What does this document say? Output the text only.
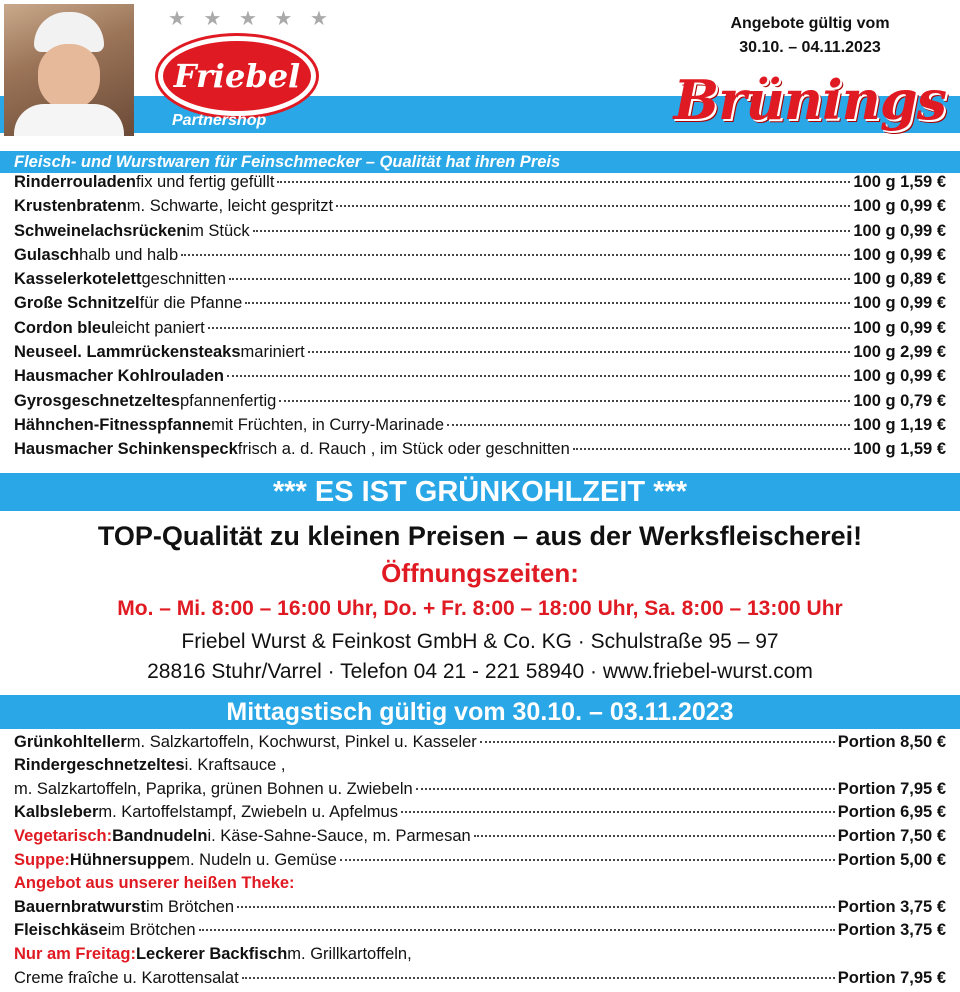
★ ★ ★ ★ ★
Friebel
Partnershop
Angebote gültig vom
30.10. – 04.11.2023
Brünings
Fleisch- und Wurstwaren für Feinschmecker – Qualität hat ihren Preis
Rinderrouladen fix und fertig gefüllt	100 g 1,59 €
Krustenbraten m. Schwarte, leicht gespritzt	100 g 0,99 €
Schweinelachsrücken im Stück	100 g 0,99 €
Gulasch halb und halb	100 g 0,99 €
Kasselerkotelett geschnitten	100 g 0,89 €
Große Schnitzel für die Pfanne	100 g 0,99 €
Cordon bleu leicht paniert	100 g 0,99 €
Neuseel. Lammrückensteaks mariniert	100 g 2,99 €
Hausmacher Kohlrouladen	100 g 0,99 €
Gyrosgeschnetzeltes pfannenfertig	100 g 0,79 €
Hähnchen-Fitnesspfanne mit Früchten, in Curry-Marinade	100 g 1,19 €
Hausmacher Schinkenspeck frisch a. d. Rauch , im Stück oder geschnitten	100 g 1,59 €
*** ES IST GRÜNKOHLZEIT ***
TOP-Qualität zu kleinen Preisen – aus der Werksfleischerei!
Öffnungszeiten:
Mo. – Mi. 8:00 – 16:00 Uhr, Do. + Fr. 8:00 – 18:00 Uhr, Sa. 8:00 – 13:00 Uhr
Friebel Wurst & Feinkost GmbH & Co. KG · Schulstraße 95 – 97
28816 Stuhr/Varrel · Telefon 04 21 - 221 58940 · www.friebel-wurst.com
Mittagstisch gültig vom 30.10. – 03.11.2023
Grünkohlteller m. Salzkartoffeln, Kochwurst, Pinkel u. Kasseler	Portion 8,50 €
Rindergeschnetzeltes i. Kraftsauce ,
m. Salzkartoffeln, Paprika, grünen Bohnen u. Zwiebeln	Portion 7,95 €
Kalbsleber m. Kartoffelstampf, Zwiebeln u. Apfelmus	Portion 6,95 €
Vegetarisch: Bandnudeln i. Käse-Sahne-Sauce, m. Parmesan	Portion 7,50 €
Suppe: Hühnersuppe m. Nudeln u. Gemüse	Portion 5,00 €
Angebot aus unserer heißen Theke:
Bauernbratwurst im Brötchen	Portion 3,75 €
Fleischkäse im Brötchen	Portion 3,75 €
Nur am Freitag: Leckerer Backfisch m. Grillkartoffeln,
Creme fraîche u. Karottensalat	Portion 7,95 €
